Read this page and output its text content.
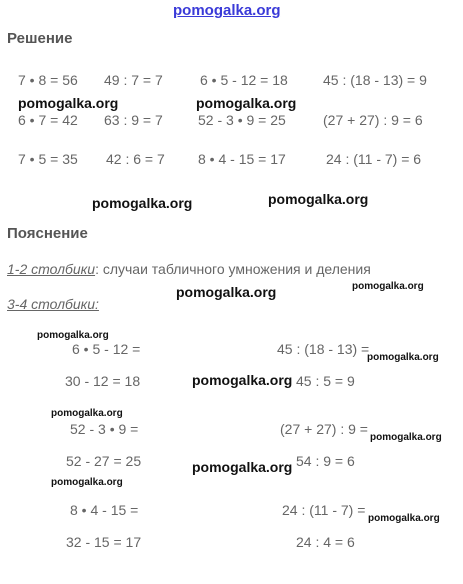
pomogalka.org
Решение
7 • 8 = 56 49 : 7 = 7	6 • 5 - 12 = 18	45 : (18 - 13) = 9
6 • 7 = 42 63 : 9 = 7	52 - 3 • 9 = 25	(27 + 27) : 9 = 6
7 • 5 = 35 42 : 6 = 7 8 • 4 - 15 = 17	24 : (11 - 7) = 6
pomogalka.org	pomogalka.org
pomogalka.org	pomogalka.org
Пояснение
1-2 столбики: случаи табличного умножения и деления
pomogalka.org	pomogalka.org
3-4 столбики:
pomogalka.org
6 • 5 - 12 =	45 : (18 - 13) =
pomogalka.org
30 - 12 = 18	pomogalka.org 45 : 5 = 9
pomogalka.org
52 - 3 • 9 =	(27 + 27) : 9 =
pomogalka.org
52 - 27 = 25	pomogalka.org 54 : 9 = 6
pomogalka.org
8 • 4 - 15 =	24 : (11 - 7) =
pomogalka.org
32 - 15 = 17	24 : 4 = 6
